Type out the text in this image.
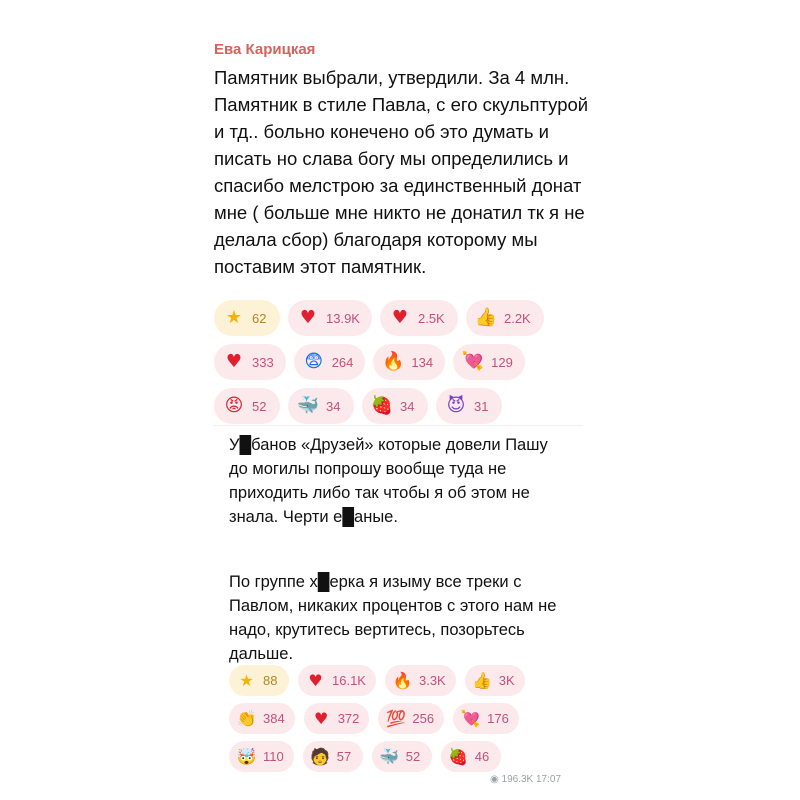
Ева Карицкая
Памятник выбрали, утвердили. За 4 млн. Памятник в стиле Павла, с его скульптурой и тд.. больно конечено об это думать и писать но слава богу мы определились и спасибо мелстрою за единственный донат мне ( больше мне никто не донатил тк я не делала сбор) благодаря которому мы поставим этот памятник.
★ 62 ♥ 13.9K ♥ 2.5K 👍 2.2K
♥ 333 😨 264 🔥 134 💘 129
😡 52 🐳 34 🍓 34 😈 31
У█банов «Друзей» которые довели Пашу до могилы попрошу вообще туда не приходить либо так чтобы я об этом не знала. Черти е█аные.
По группе х█ерка я изыму все треки с Павлом, никаких процентов с этого нам не надо, крутитесь вертитесь, позорьтесь дальше.
★ 88 ♥ 16.1K 🔥 3.3K 👍 3K
👏 384 ♥ 372 💯 256 💘 176
🤯 110 🧑 57 🐳 52 🍓 46
◉ 196.3K 17:07
